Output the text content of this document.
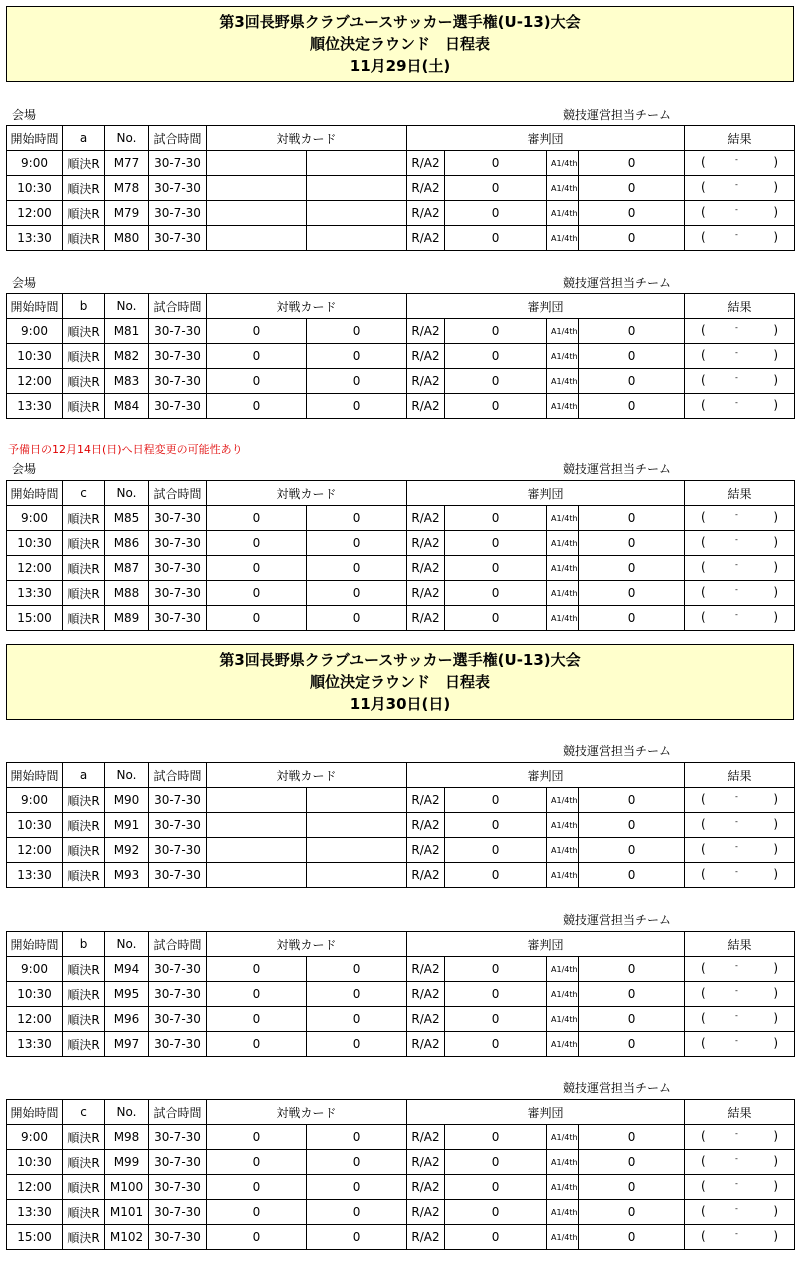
第3回長野県クラブユースサッカー選手権(U-13)大会
順位決定ラウンド　日程表
11月29日(土)
会場	競技運営担当チーム
開始時間	a	No.	試合時間	対戦カード		審判団				結果
9:00	順決R	M77	30-7-30			R/A2	0	A1/4th	0	( - )

10:30	順決R	M78	30-7-30			R/A2	0	A1/4th	0	( - )

12:00	順決R	M79	30-7-30			R/A2	0	A1/4th	0	( - )

13:30	順決R	M80	30-7-30			R/A2	0	A1/4th	0	( - )
会場	競技運営担当チーム
開始時間	b	No.	試合時間	対戦カード		審判団				結果
9:00	順決R	M81	30-7-30	0	0	R/A2	0	A1/4th	0	( - )

10:30	順決R	M82	30-7-30	0	0	R/A2	0	A1/4th	0	( - )

12:00	順決R	M83	30-7-30	0	0	R/A2	0	A1/4th	0	( - )

13:30	順決R	M84	30-7-30	0	0	R/A2	0	A1/4th	0	( - )
予備日の12月14日(日)へ日程変更の可能性あり
会場	競技運営担当チーム
開始時間	c	No.	試合時間	対戦カード		審判団				結果
9:00	順決R	M85	30-7-30	0	0	R/A2	0	A1/4th	0	( - )

10:30	順決R	M86	30-7-30	0	0	R/A2	0	A1/4th	0	( - )

12:00	順決R	M87	30-7-30	0	0	R/A2	0	A1/4th	0	( - )

13:30	順決R	M88	30-7-30	0	0	R/A2	0	A1/4th	0	( - )

15:00	順決R	M89	30-7-30	0	0	R/A2	0	A1/4th	0	( - )
第3回長野県クラブユースサッカー選手権(U-13)大会
順位決定ラウンド　日程表
11月30日(日)
競技運営担当チーム
開始時間	a	No.	試合時間	対戦カード		審判団				結果
9:00	順決R	M90	30-7-30			R/A2	0	A1/4th	0	( - )

10:30	順決R	M91	30-7-30			R/A2	0	A1/4th	0	( - )

12:00	順決R	M92	30-7-30			R/A2	0	A1/4th	0	( - )

13:30	順決R	M93	30-7-30			R/A2	0	A1/4th	0	( - )
競技運営担当チーム
開始時間	b	No.	試合時間	対戦カード		審判団				結果
9:00	順決R	M94	30-7-30	0	0	R/A2	0	A1/4th	0	( - )

10:30	順決R	M95	30-7-30	0	0	R/A2	0	A1/4th	0	( - )

12:00	順決R	M96	30-7-30	0	0	R/A2	0	A1/4th	0	( - )

13:30	順決R	M97	30-7-30	0	0	R/A2	0	A1/4th	0	( - )
競技運営担当チーム
開始時間	c	No.	試合時間	対戦カード		審判団				結果
9:00	順決R	M98	30-7-30	0	0	R/A2	0	A1/4th	0	( - )

10:30	順決R	M99	30-7-30	0	0	R/A2	0	A1/4th	0	( - )

12:00	順決R	M100	30-7-30	0	0	R/A2	0	A1/4th	0	( - )

13:30	順決R	M101	30-7-30	0	0	R/A2	0	A1/4th	0	( - )

15:00	順決R	M102	30-7-30	0	0	R/A2	0	A1/4th	0	( - )
